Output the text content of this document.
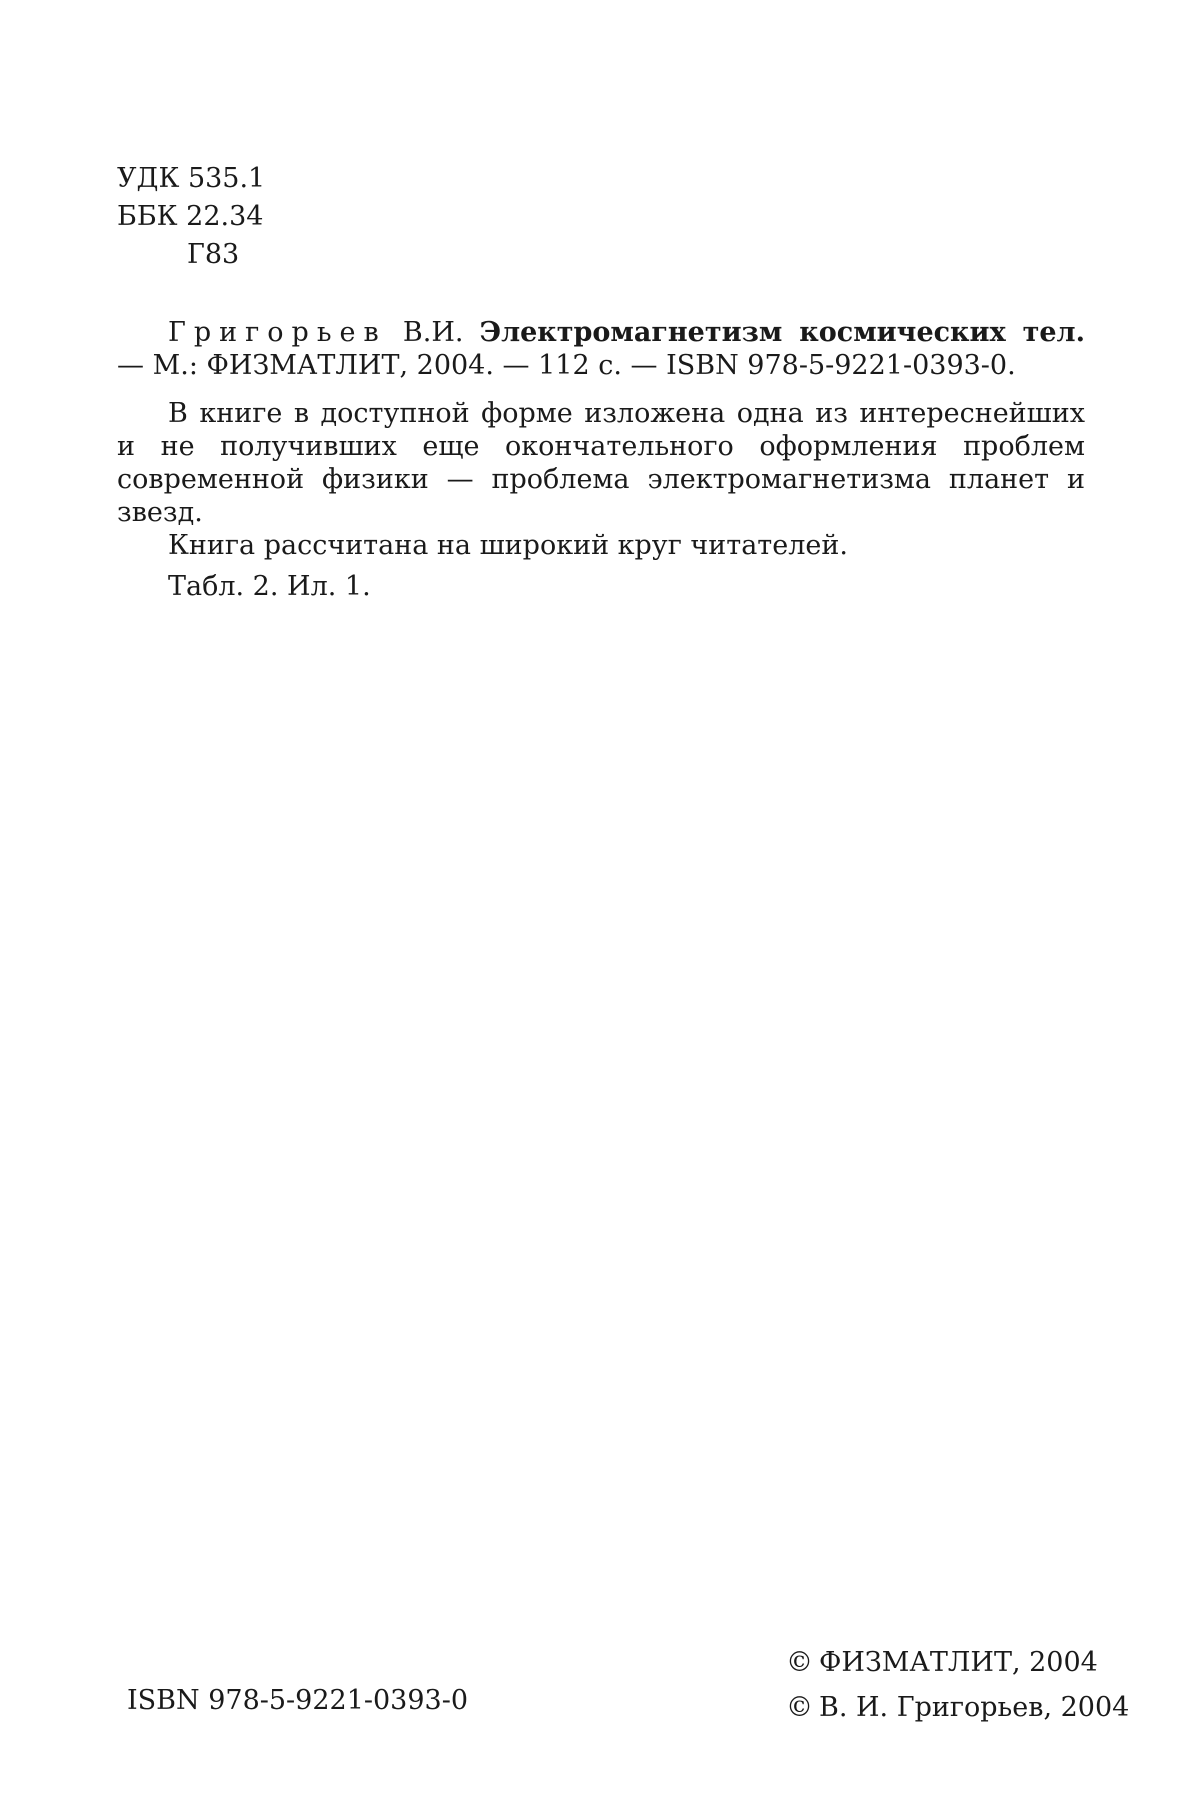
УДК 535.1
ББК 22.34
Г83

Григорьев В.И. Электромагнетизм космических тел. — М.: ФИЗМАТЛИТ, 2004. — 112 с. — ISBN 978-5-9221-0393-0.

В книге в доступной форме изложена одна из интереснейших и не получивших еще окончательного оформления проблем современной физики — проблема электромагнетизма планет и звезд.

Книга рассчитана на широкий круг читателей.

Табл. 2. Ил. 1.

ISBN 978-5-9221-0393-0
© ФИЗМАТЛИТ, 2004
© В. И. Григорьев, 2004
